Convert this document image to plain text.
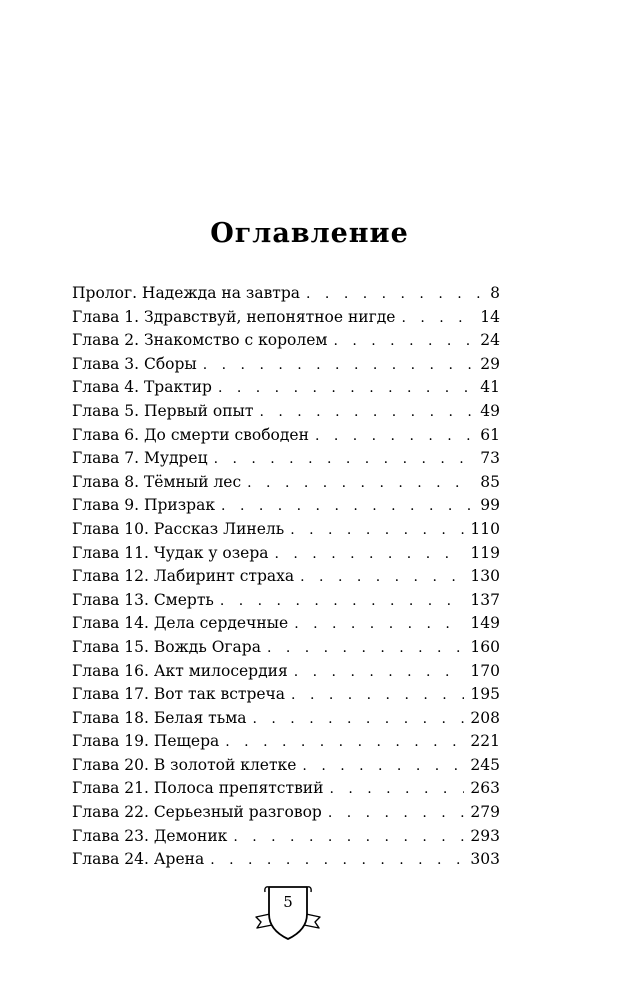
Оглавление
Пролог. Надежда на завтра . . .	8
Глава 1. Здравствуй, непонятное нигде . . .	14
Глава 2. Знакомство с королем . . .	24
Глава 3. Сборы . . .	29
Глава 4. Трактир . . .	41
Глава 5. Первый опыт . . .	49
Глава 6. До смерти свободен . . .	61
Глава 7. Мудрец . . .	73
Глава 8. Тёмный лес . . .	85
Глава 9. Призрак . . .	99
Глава 10. Рассказ Линель . . .	110
Глава 11. Чудак у озера . . .	119
Глава 12. Лабиринт страха . . .	130
Глава 13. Смерть . . .	137
Глава 14. Дела сердечные . . .	149
Глава 15. Вождь Огара . . .	160
Глава 16. Акт милосердия . . .	170
Глава 17. Вот так встреча . . .	195
Глава 18. Белая тьма . . .	208
Глава 19. Пещера . . .	221
Глава 20. В золотой клетке . . .	245
Глава 21. Полоса препятствий . . .	263
Глава 22. Серьезный разговор . . .	279
Глава 23. Демоник . . .	293
Глава 24. Арена . . .	303
5
